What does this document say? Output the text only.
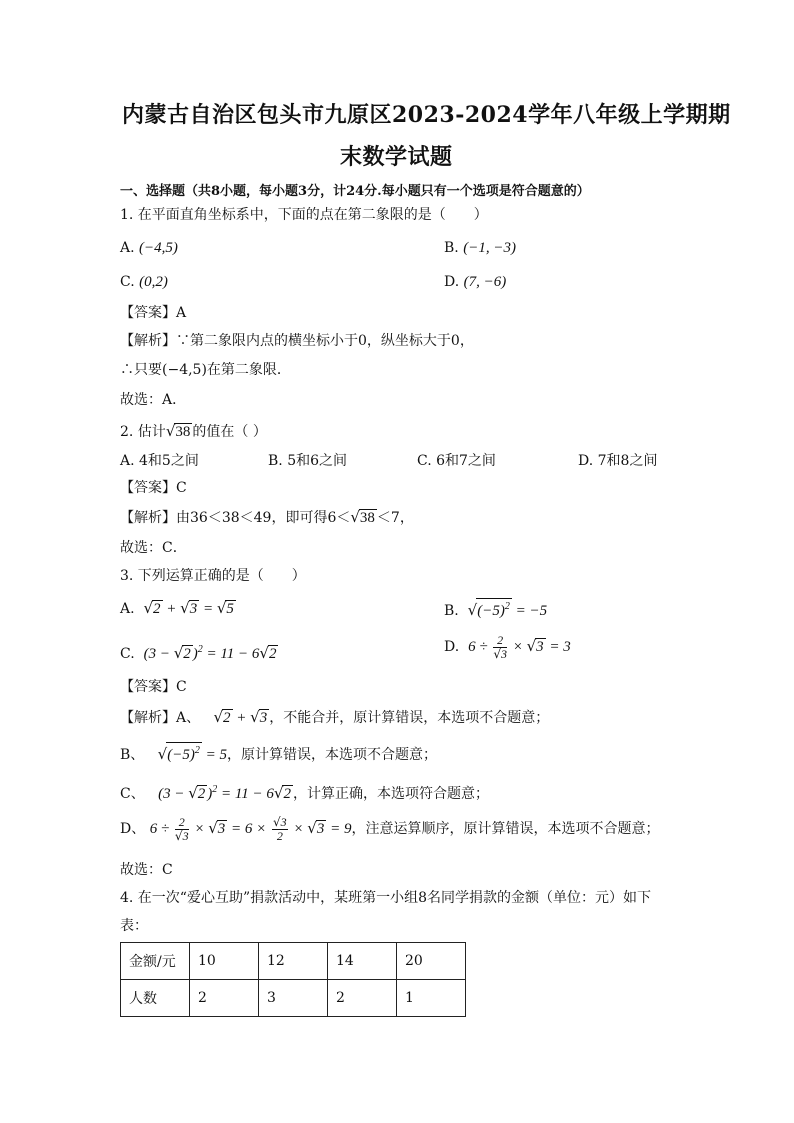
内蒙古自治区包头市九原区2023-2024学年八年级上学期期
末数学试题
一、选择题（共8小题，每小题3分，计24分.每小题只有一个选项是符合题意的）
1. 在平面直角坐标系中，下面的点在第二象限的是（　　）
A. (−4,5)	B. (−1, −3)
C. (0,2)	D. (7, −6)
【答案】A
【解析】∵第二象限内点的横坐标小于0，纵坐标大于0，
∴只要(−4,5)在第二象限．
故选：A．
2. 估计√38 的值在（ ）
A. 4和5之间	B. 5和6之间	C. 6和7之间	D. 7和8之间
【答案】C
【解析】由36＜38＜49，即可得6＜√38 ＜7，
故选：C．
3. 下列运算正确的是（　　）
A. √2 + √3 = √5	B. $√(-5)^2 = -5$
C. (3 − √2 )$^2$ = 11 − 6√2	D. $6 \div \frac{2}{√3} \times √3 = 3$
【答案】C
【解析】A、 √2 + √3 ，不能合并，原计算错误，本选项不合题意；
B、 $√(-5)^2 = 5$，原计算错误，本选项不合题意；
C、 (3 − √2 )$^2$ = 11 − 6√2 ，计算正确，本选项符合题意；
D、 $6 \div \frac{2}{√3} \times √3 = 6 \times \frac{√3}{2} \times √3 = 9$，注意运算顺序，原计算错误，本选项不合题意；
故选：C
4. 在一次“爱心互助”捐款活动中，某班第一小组8名同学捐款的金额（单位：元）如下
表：
金额/元	10	12	14	20
人数	2	3	2	1
